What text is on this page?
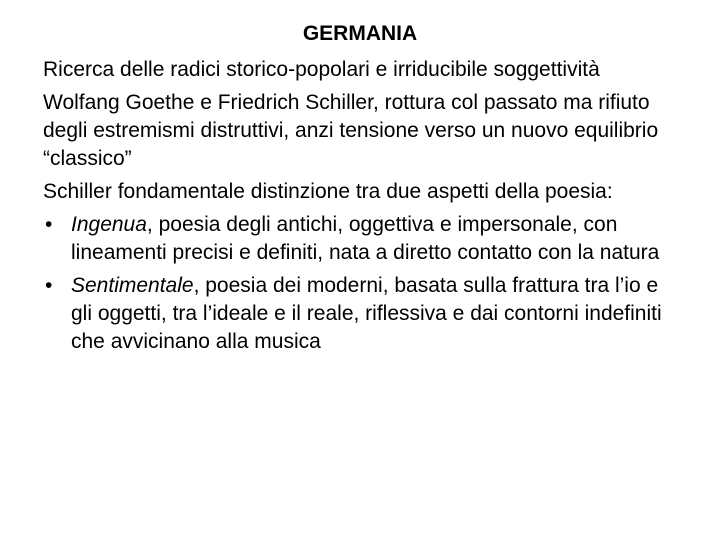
GERMANIA

Ricerca delle radici storico-popolari e irriducibile soggettività

Wolfang Goethe e Friedrich Schiller, rottura col passato ma rifiuto degli estremismi distruttivi, anzi tensione verso un nuovo equilibrio “classico”

Schiller fondamentale distinzione tra due aspetti della poesia:

• Ingenua, poesia degli antichi, oggettiva e impersonale, con lineamenti precisi e definiti, nata a diretto contatto con la natura
• Sentimentale, poesia dei moderni, basata sulla frattura tra l’io e gli oggetti, tra l’ideale e il reale, riflessiva e dai contorni indefiniti che avvicinano alla musica
